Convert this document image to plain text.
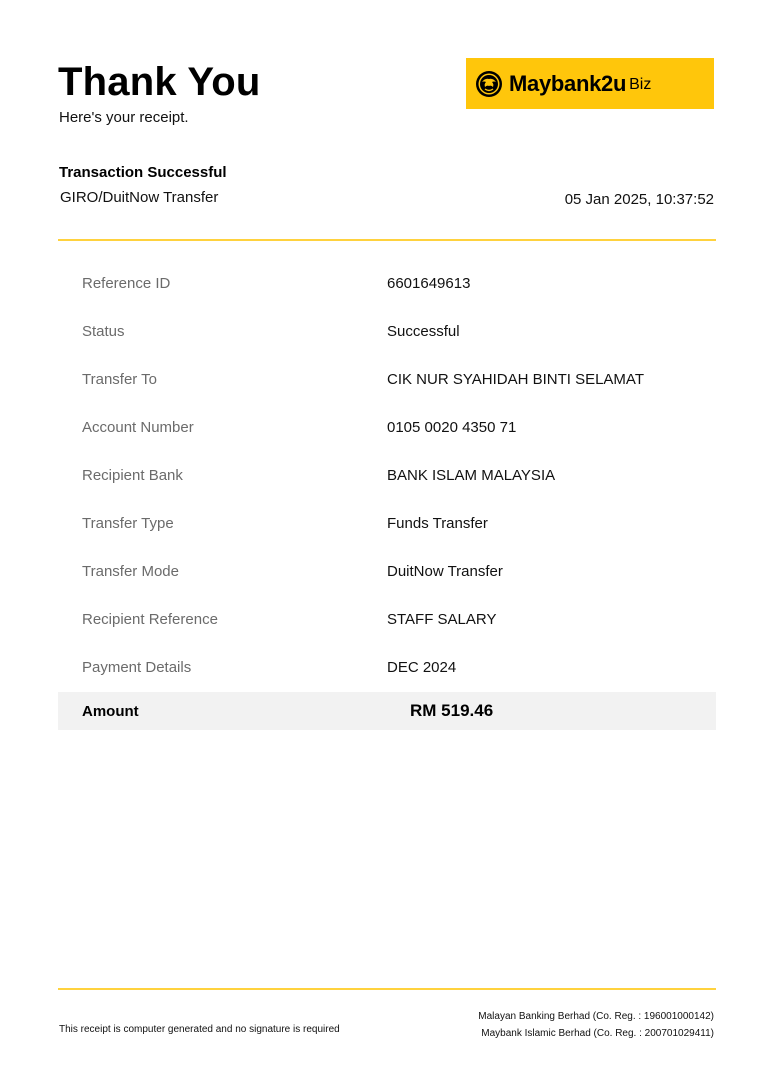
Thank You
Here's your receipt.
Maybank2u Biz
Transaction Successful
GIRO/DuitNow Transfer	05 Jan 2025, 10:37:52
Reference ID	6601649613
Status	Successful
Transfer To	CIK NUR SYAHIDAH BINTI SELAMAT
Account Number	0105 0020 4350 71
Recipient Bank	BANK ISLAM MALAYSIA
Transfer Type	Funds Transfer
Transfer Mode	DuitNow Transfer
Recipient Reference	STAFF SALARY
Payment Details	DEC 2024
Amount	RM 519.46
This receipt is computer generated and no signature is required
Malayan Banking Berhad (Co. Reg. : 196001000142)
Maybank Islamic Berhad (Co. Reg. : 200701029411)
